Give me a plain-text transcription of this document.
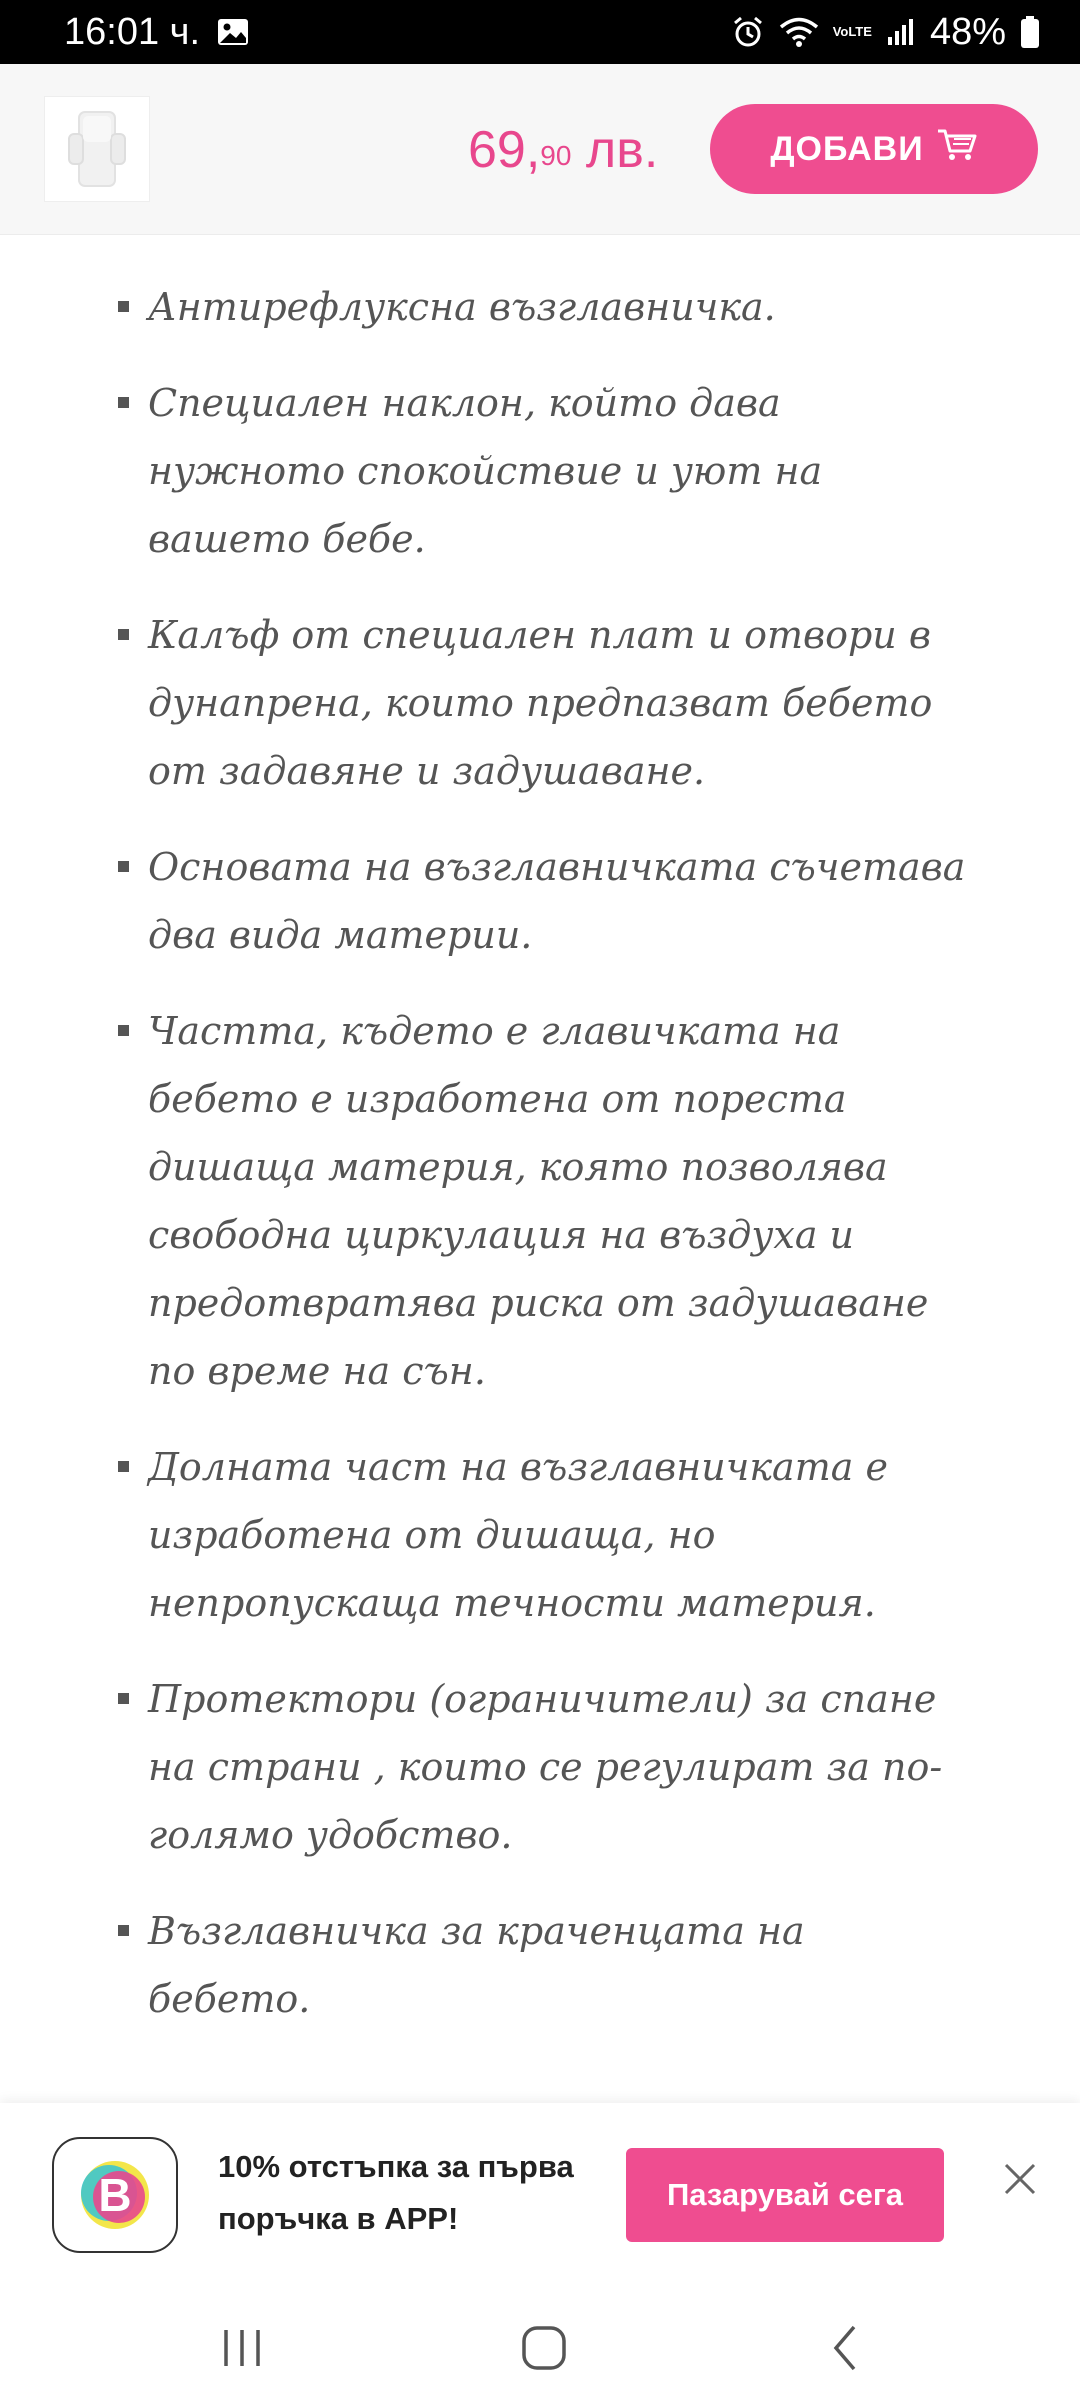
16:01 ч.	VoLTE 48%
69,90 лв.	ДОБАВИ
Антирефлуксна възглавничка.
Специален наклон, който дава нужното спокойствие и уют на вашето бебе.
Калъф от специален плат и отвори в дунапрена, които предпазват бебето от задавяне и задушаване.
Основата на възглавничката съчетава два вида материи.
Частта, където е главичката на бебето е изработена от пореста дишаща материя, която позволява свободна циркулация на въздуха и предотвратява риска от задушаване по време на сън.
Долната част на възглавничката е изработена от дишаща, но непропускаща течности материя.
Протектори (ограничители) за спане на страни , които се регулират за по-голямо удобство.
Възглавничка за краченцата на бебето.
B
10% отстъпка за първа поръчка в APP!
Пазарувай сега
